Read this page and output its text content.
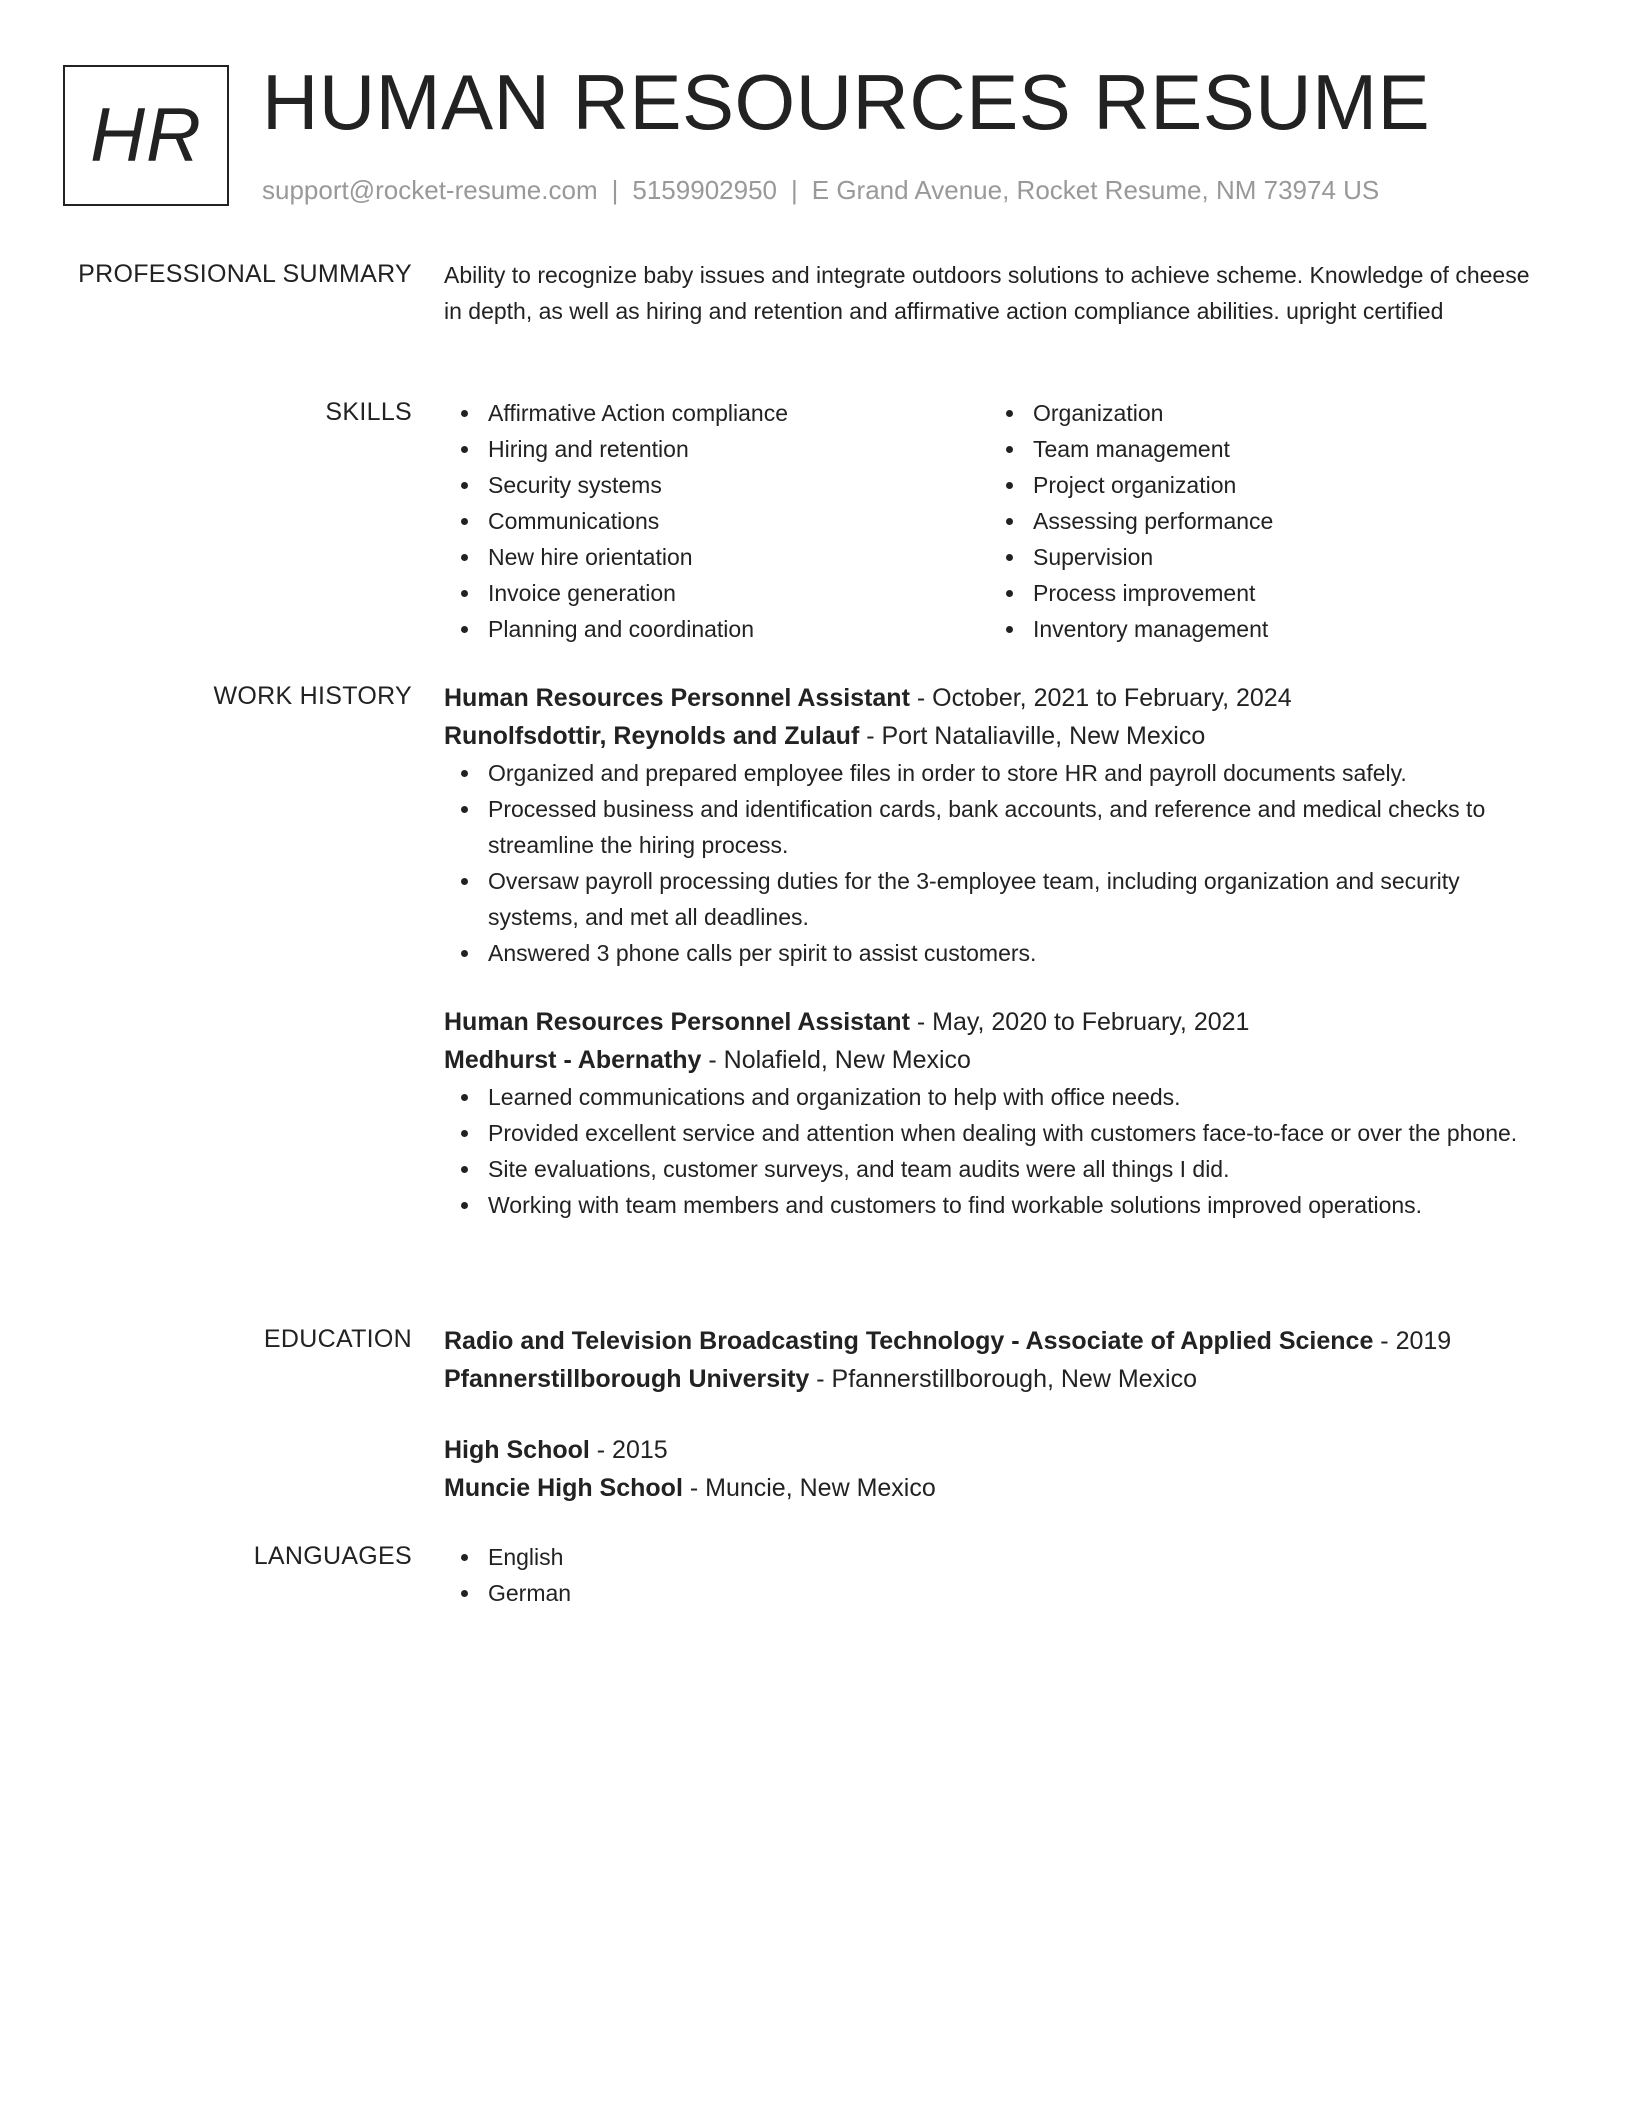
HR HUMAN RESOURCES RESUME
support@rocket-resume.com | 5159902950 | E Grand Avenue, Rocket Resume, NM 73974 US
PROFESSIONAL SUMMARY Ability to recognize baby issues and integrate outdoors solutions to achieve scheme. Knowledge of cheese in depth, as well as hiring and retention and affirmative action compliance abilities. upright certified

SKILLS	Affirmative Action compliance
Hiring and retention
Security systems
Communications
New hire orientation
Invoice generation
Planning and coordination
Organization
Team management
Project organization
Assessing performance
Supervision
Process improvement
Inventory management
WORK HISTORY Human Resources Personnel Assistant - October, 2021 to February, 2024
Runolfsdottir, Reynolds and Zulauf - Port Nataliaville, New Mexico
Organized and prepared employee files in order to store HR and payroll documents safely.
Processed business and identification cards, bank accounts, and reference and medical checks to streamline the hiring process.
Oversaw payroll processing duties for the 3-employee team, including organization and security systems, and met all deadlines.
Answered 3 phone calls per spirit to assist customers.
Human Resources Personnel Assistant - May, 2020 to February, 2021
Medhurst - Abernathy - Nolafield, New Mexico
Learned communications and organization to help with office needs.
Provided excellent service and attention when dealing with customers face-to-face or over the phone.
Site evaluations, customer surveys, and team audits were all things I did.
Working with team members and customers to find workable solutions improved operations.
EDUCATION Radio and Television Broadcasting Technology - Associate of Applied Science - 2019
Pfannerstillborough University - Pfannerstillborough, New Mexico
High School - 2015
Muncie High School - Muncie, New Mexico
LANGUAGES	English
German
